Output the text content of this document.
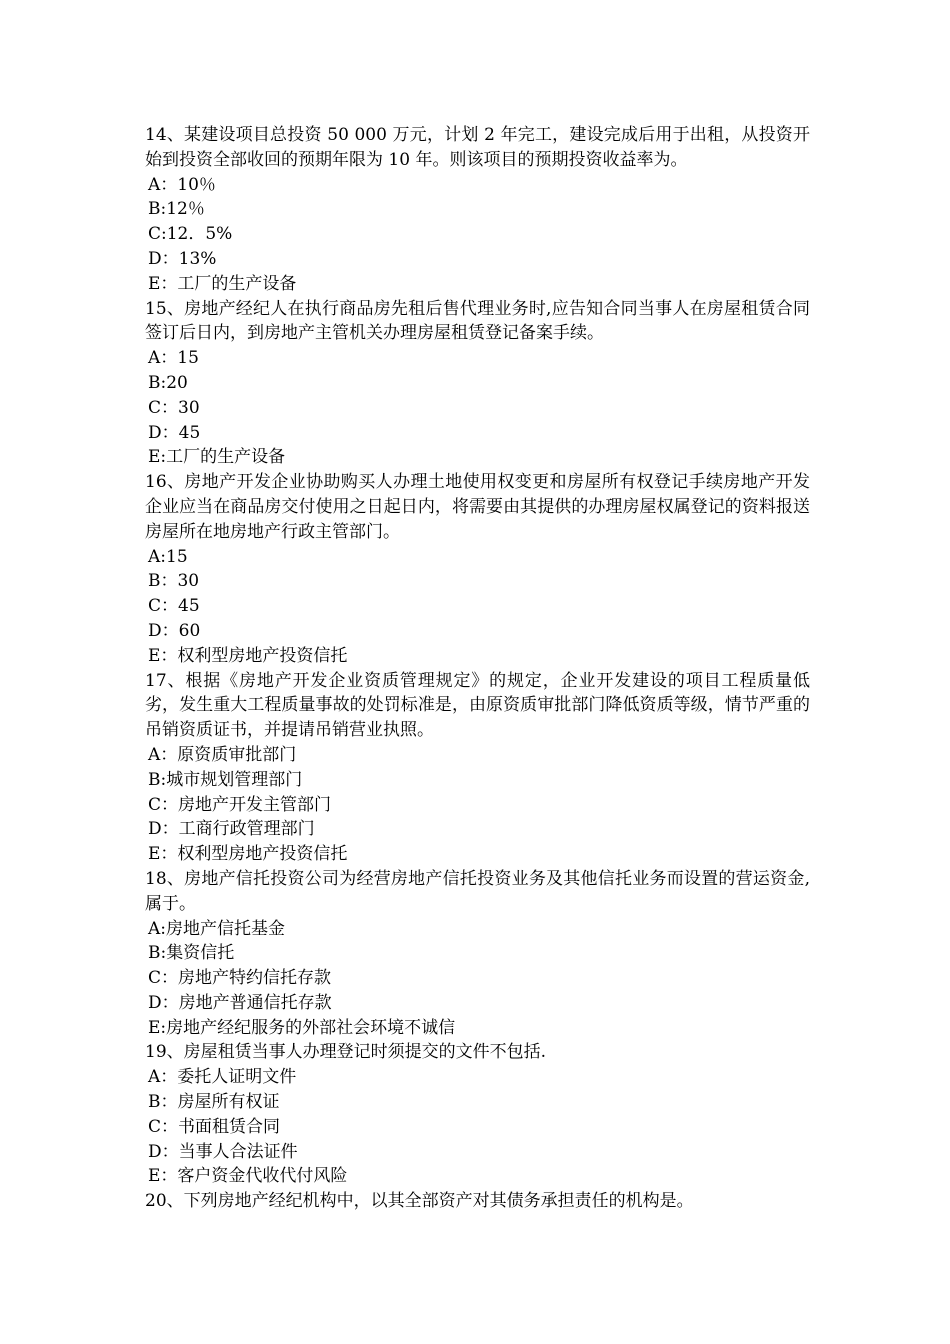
14、某建设项目总投资 50 000 万元，计划 2 年完工，建设完成后用于出租，从投资开始到投资全部收回的预期年限为 10 年。则该项目的预期投资收益率为。
A：10％
B:12％
C:12．5%
D：13%
E：工厂的生产设备
15、房地产经纪人在执行商品房先租后售代理业务时,应告知合同当事人在房屋租赁合同签订后日内，到房地产主管机关办理房屋租赁登记备案手续。
A：15
B:20
C：30
D：45
E:工厂的生产设备
16、房地产开发企业协助购买人办理土地使用权变更和房屋所有权登记手续房地产开发企业应当在商品房交付使用之日起日内，将需要由其提供的办理房屋权属登记的资料报送房屋所在地房地产行政主管部门。
A:15
B：30
C：45
D：60
E：权利型房地产投资信托
17、根据《房地产开发企业资质管理规定》的规定，企业开发建设的项目工程质量低劣，发生重大工程质量事故的处罚标准是，由原资质审批部门降低资质等级，情节严重的吊销资质证书，并提请吊销营业执照。
A：原资质审批部门
B:城市规划管理部门
C：房地产开发主管部门
D：工商行政管理部门
E：权利型房地产投资信托
18、房地产信托投资公司为经营房地产信托投资业务及其他信托业务而设置的营运资金,属于。
A:房地产信托基金
B:集资信托
C：房地产特约信托存款
D：房地产普通信托存款
E:房地产经纪服务的外部社会环境不诚信
19、房屋租赁当事人办理登记时须提交的文件不包括.
A：委托人证明文件
B：房屋所有权证
C：书面租赁合同
D：当事人合法证件
E：客户资金代收代付风险
20、下列房地产经纪机构中，以其全部资产对其债务承担责任的机构是。
